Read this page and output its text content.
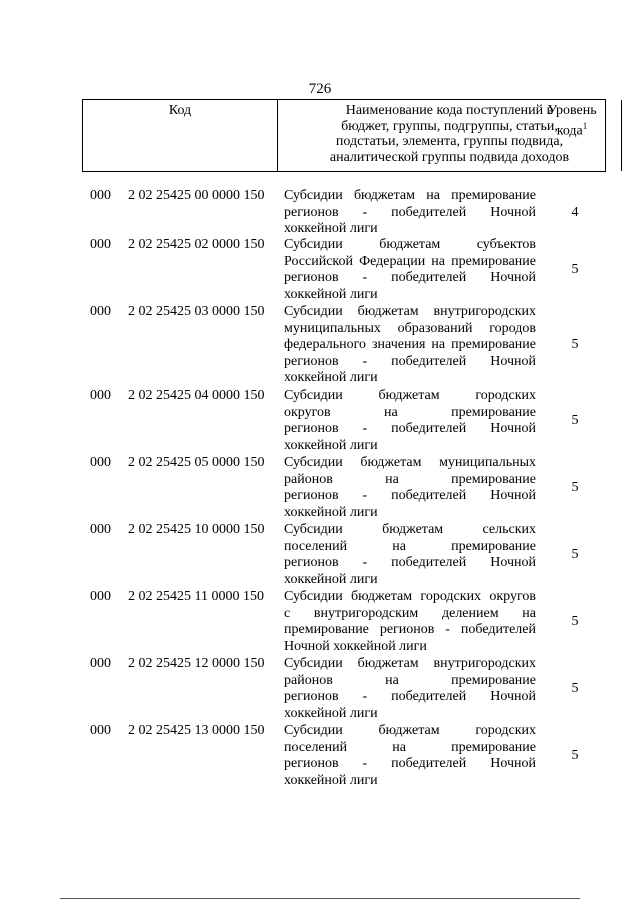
726
Код	Наименование кода поступлений в
бюджет, группы, подгруппы, статьи,
подстатьи, элемента, группы подвида,
аналитической группы подвида доходов
Уровень
кода$^1$
000 2 02 25425 00 0000 150 Субсидии бюджетам на премирование
регионов - победителей Ночной
хоккейной лиги
4
000 2 02 25425 02 0000 150 Субсидии бюджетам субъектов
Российской Федерации на премирование
регионов - победителей Ночной
хоккейной лиги
5
000 2 02 25425 03 0000 150 Субсидии бюджетам внутригородских
муниципальных образований городов
федерального значения на премирование
регионов - победителей Ночной
хоккейной лиги
5
000 2 02 25425 04 0000 150 Субсидии бюджетам городских
округов на премирование
регионов - победителей Ночной
хоккейной лиги
5
000 2 02 25425 05 0000 150 Субсидии бюджетам муниципальных
районов на премирование
регионов - победителей Ночной
хоккейной лиги
5
000 2 02 25425 10 0000 150 Субсидии бюджетам сельских
поселений на премирование
регионов - победителей Ночной
хоккейной лиги
5
000 2 02 25425 11 0000 150 Субсидии бюджетам городских округов
с внутригородским делением на
премирование регионов - победителей
Ночной хоккейной лиги
5
000 2 02 25425 12 0000 150 Субсидии бюджетам внутригородских
районов на премирование
регионов - победителей Ночной
хоккейной лиги
5
000 2 02 25425 13 0000 150 Субсидии бюджетам городских
поселений на премирование
регионов - победителей Ночной
хоккейной лиги
5
